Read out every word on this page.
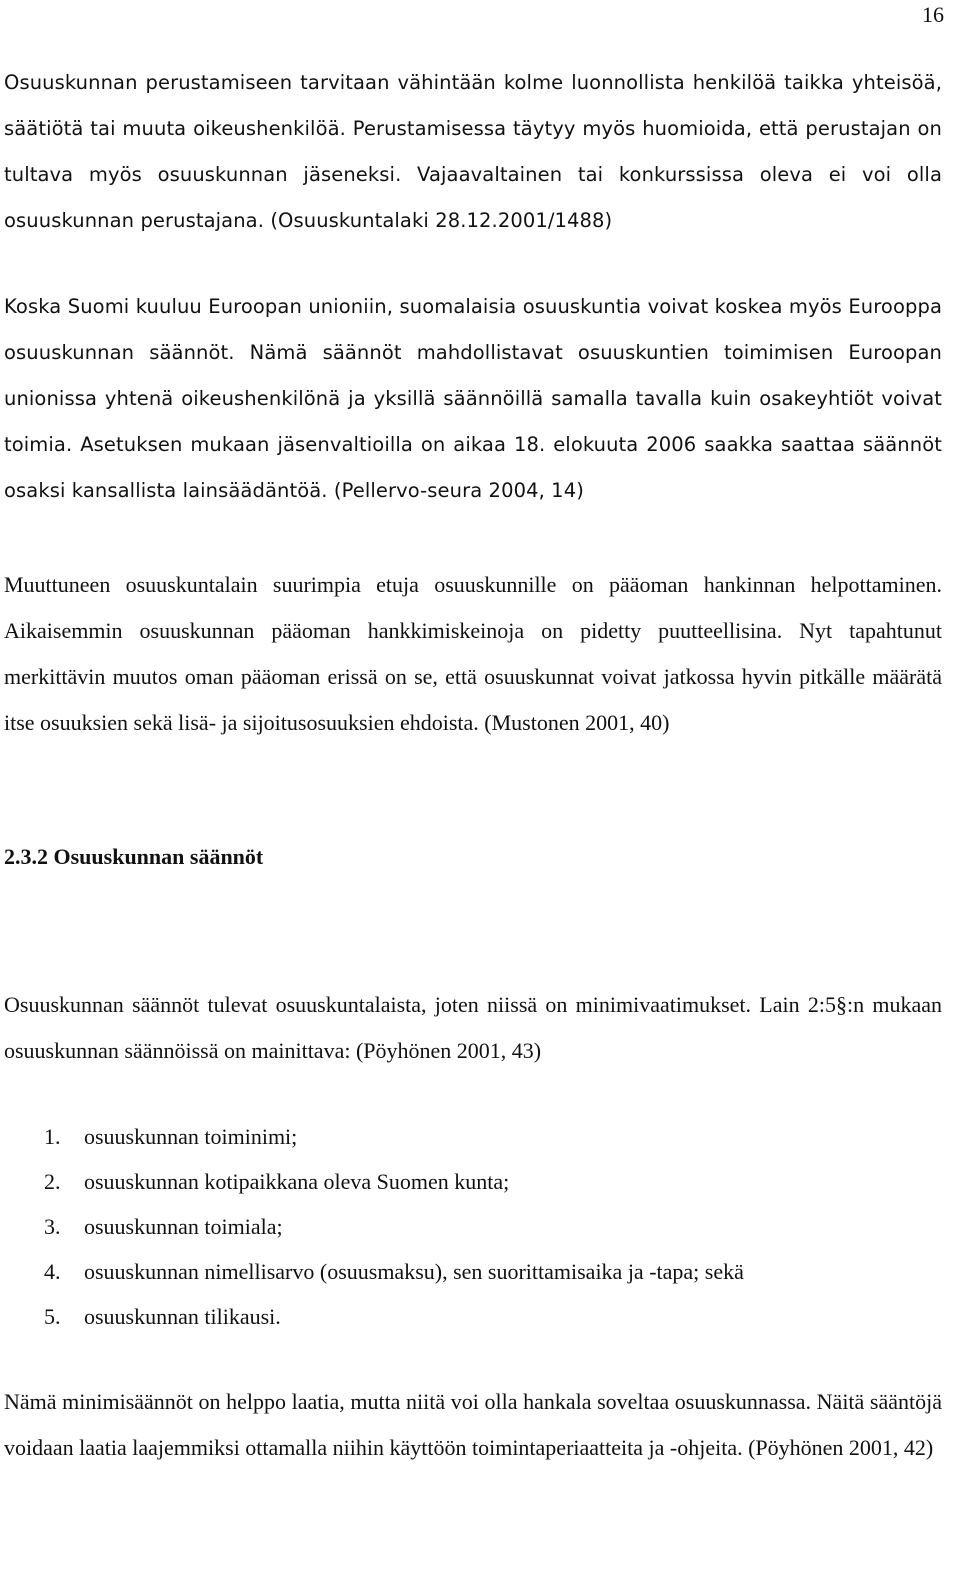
16

Osuuskunnan perustamiseen tarvitaan vähintään kolme luonnollista henkilöä taikka yhteisöä, säätiötä tai muuta oikeushenkilöä. Perustamisessa täytyy myös huomioida, että perustajan on tultava myös osuuskunnan jäseneksi. Vajaavaltainen tai konkurssissa oleva ei voi olla osuuskunnan perustajana. (Osuuskuntalaki 28.12.2001/1488)

Koska Suomi kuuluu Euroopan unioniin, suomalaisia osuuskuntia voivat koskea myös Eurooppa osuuskunnan säännöt. Nämä säännöt mahdollistavat osuuskuntien toimimisen Euroopan unionissa yhtenä oikeushenkilönä ja yksillä säännöillä samalla tavalla kuin osakeyhtiöt voivat toimia. Asetuksen mukaan jäsenvaltioilla on aikaa 18. elokuuta 2006 saakka saattaa säännöt osaksi kansallista lainsäädäntöä. (Pellervo-seura 2004, 14)

Muuttuneen osuuskuntalain suurimpia etuja osuuskunnille on pääoman hankinnan helpottaminen. Aikaisemmin osuuskunnan pääoman hankkimiskeinoja on pidetty puutteellisina. Nyt tapahtunut merkittävin muutos oman pääoman erissä on se, että osuuskunnat voivat jatkossa hyvin pitkälle määrätä itse osuuksien sekä lisä- ja sijoitusosuuksien ehdoista. (Mustonen 2001, 40)

2.3.2 Osuuskunnan säännöt

Osuuskunnan säännöt tulevat osuuskuntalaista, joten niissä on minimivaatimukset. Lain 2:5§:n mukaan osuuskunnan säännöissä on mainittava: (Pöyhönen 2001, 43)

1.	osuuskunnan toiminimi;
2.	osuuskunnan kotipaikkana oleva Suomen kunta;
3.	osuuskunnan toimiala;
4.	osuuskunnan nimellisarvo (osuusmaksu), sen suorittamisaika ja -tapa; sekä
5.	osuuskunnan tilikausi.

Nämä minimisäännöt on helppo laatia, mutta niitä voi olla hankala soveltaa osuuskunnassa. Näitä sääntöjä voidaan laatia laajemmiksi ottamalla niihin käyttöön toimintaperiaatteita ja -ohjeita. (Pöyhönen 2001, 42)
